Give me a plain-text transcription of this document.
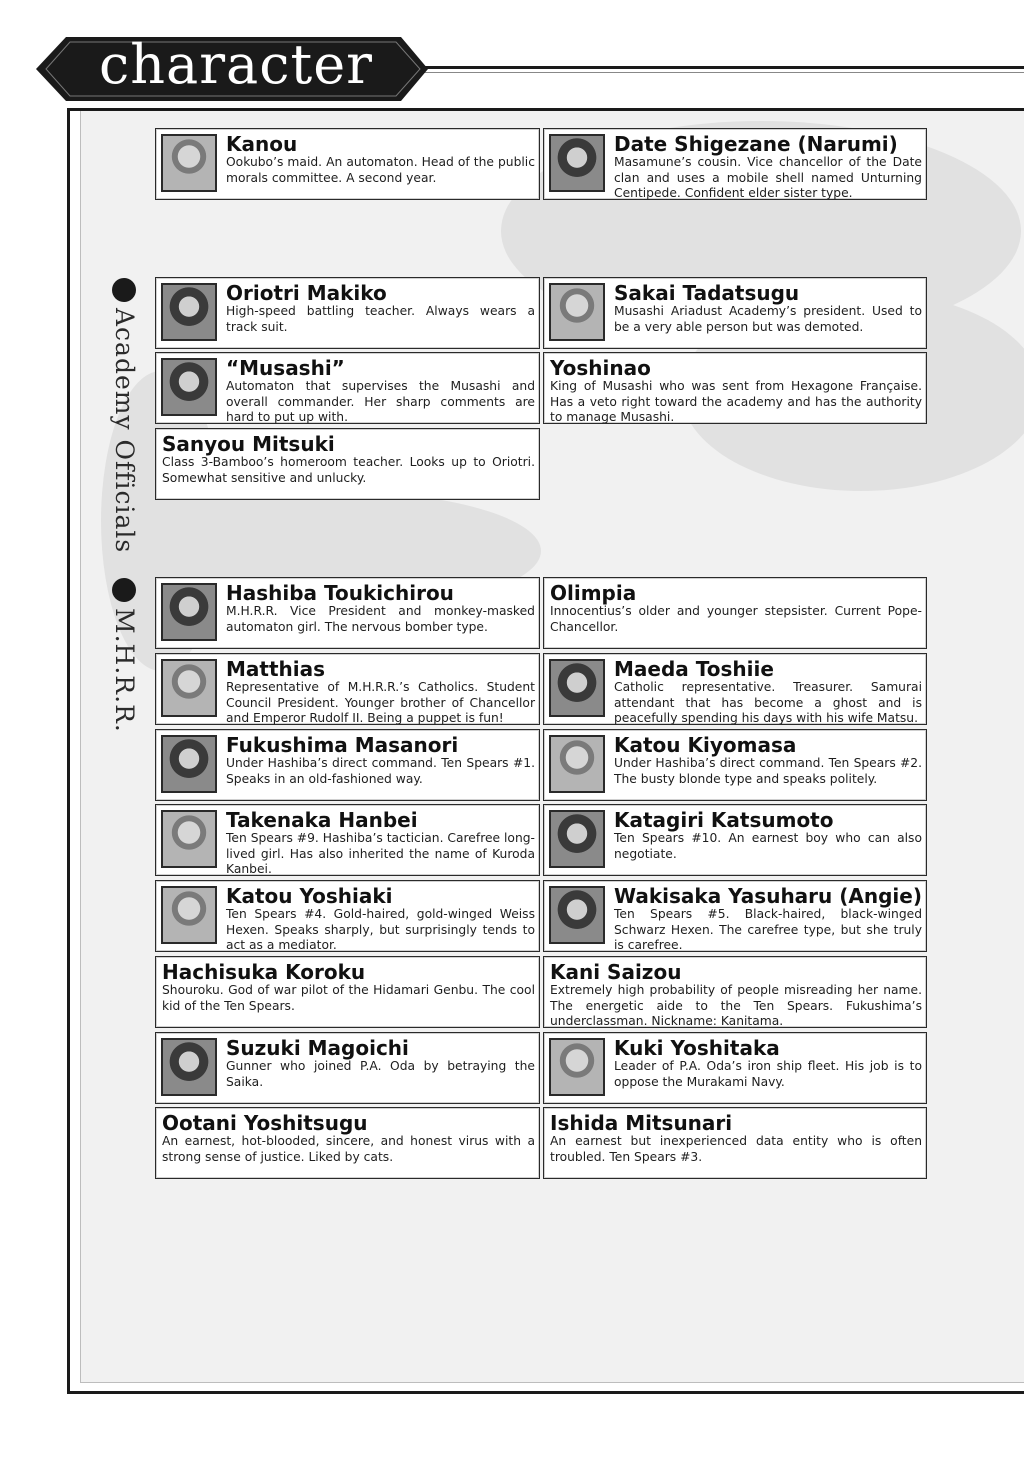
character
Academy Officials
M.H.R.R.
Kanou
Ookubo’s maid. An automaton. Head of the public morals committee. A second year.
Date Shigezane (Narumi)
Masamune’s cousin. Vice chancellor of the Date clan and uses a mobile shell named Unturning Centipede. Confident elder sister type.
Oriotri Makiko
High-speed battling teacher. Always wears a track suit.
Sakai Tadatsugu
Musashi Ariadust Academy’s president. Used to be a very able person but was demoted.
“Musashi”
Automaton that supervises the Musashi and overall commander. Her sharp comments are hard to put up with.
Yoshinao
King of Musashi who was sent from Hexagone Française. Has a veto right toward the academy and has the authority to manage Musashi.
Sanyou Mitsuki
Class 3-Bamboo’s homeroom teacher. Looks up to Oriotri. Somewhat sensitive and unlucky.
Hashiba Toukichirou
M.H.R.R. Vice President and monkey-masked automaton girl. The nervous bomber type.
Olimpia
Innocentius’s older and younger stepsister. Current Pope-Chancellor.
Matthias
Representative of M.H.R.R.’s Catholics. Student Council President. Younger brother of Chancellor and Emperor Rudolf II. Being a puppet is fun!
Maeda Toshiie
Catholic representative. Treasurer. Samurai attendant that has become a ghost and is peacefully spending his days with his wife Matsu.
Fukushima Masanori
Under Hashiba’s direct command. Ten Spears #1. Speaks in an old-fashioned way.
Katou Kiyomasa
Under Hashiba’s direct command. Ten Spears #2. The busty blonde type and speaks politely.
Takenaka Hanbei
Ten Spears #9. Hashiba’s tactician. Carefree long-lived girl. Has also inherited the name of Kuroda Kanbei.
Katagiri Katsumoto
Ten Spears #10. An earnest boy who can also negotiate.
Katou Yoshiaki
Ten Spears #4. Gold-haired, gold-winged Weiss Hexen. Speaks sharply, but surprisingly tends to act as a mediator.
Wakisaka Yasuharu (Angie)
Ten Spears #5. Black-haired, black-winged Schwarz Hexen. The carefree type, but she truly is carefree.
Hachisuka Koroku
Shouroku. God of war pilot of the Hidamari Genbu. The cool kid of the Ten Spears.
Kani Saizou
Extremely high probability of people misreading her name. The energetic aide to the Ten Spears. Fukushima’s underclassman. Nickname: Kanitama.
Suzuki Magoichi
Gunner who joined P.A. Oda by betraying the Saika.
Kuki Yoshitaka
Leader of P.A. Oda’s iron ship fleet. His job is to oppose the Murakami Navy.
Ootani Yoshitsugu
An earnest, hot-blooded, sincere, and honest virus with a strong sense of justice. Liked by cats.
Ishida Mitsunari
An earnest but inexperienced data entity who is often troubled. Ten Spears #3.
